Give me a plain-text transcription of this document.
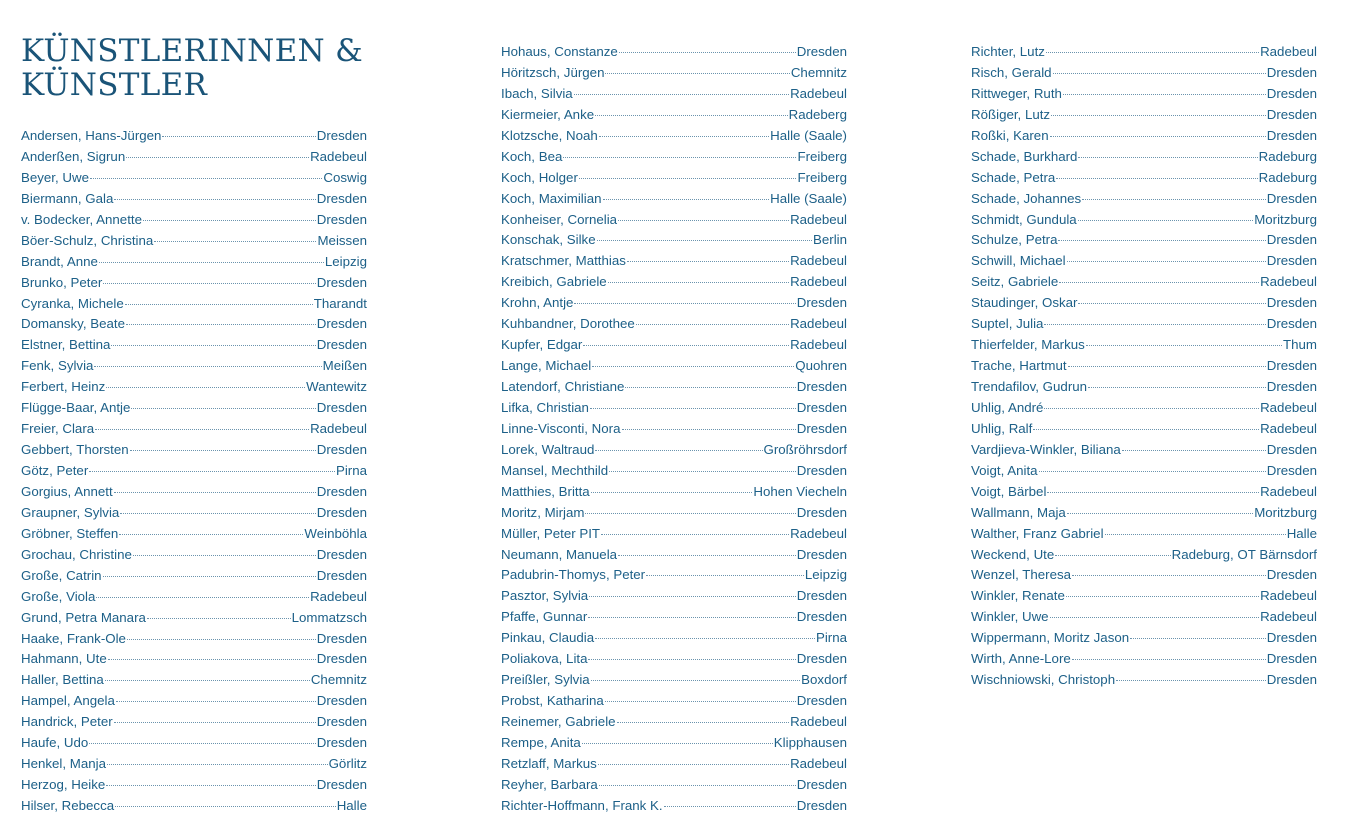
KÜNSTLERINNEN &
KÜNSTLER
Andersen, Hans-Jürgen	Dresden
Anderßen, Sigrun	Radebeul
Beyer, Uwe	Coswig
Biermann, Gala	Dresden
v. Bodecker, Annette	Dresden
Böer-Schulz, Christina	Meissen
Brandt, Anne	Leipzig
Brunko, Peter	Dresden
Cyranka, Michele	Tharandt
Domansky, Beate	Dresden
Elstner, Bettina	Dresden
Fenk, Sylvia	Meißen
Ferbert, Heinz	Wantewitz
Flügge-Baar, Antje	Dresden
Freier, Clara	Radebeul
Gebbert, Thorsten	Dresden
Götz, Peter	Pirna
Gorgius, Annett	Dresden
Graupner, Sylvia	Dresden
Gröbner, Steffen	Weinböhla
Grochau, Christine	Dresden
Große, Catrin	Dresden
Große, Viola	Radebeul
Grund, Petra Manara	Lommatzsch
Haake, Frank-Ole	Dresden
Hahmann, Ute	Dresden
Haller, Bettina	Chemnitz
Hampel, Angela	Dresden
Handrick, Peter	Dresden
Haufe, Udo	Dresden
Henkel, Manja	Görlitz
Herzog, Heike	Dresden
Hilser, Rebecca	Halle
Hohaus, Constanze	Dresden
Höritzsch, Jürgen	Chemnitz
Ibach, Silvia	Radebeul
Kiermeier, Anke	Radeberg
Klotzsche, Noah	Halle (Saale)
Koch, Bea	Freiberg
Koch, Holger	Freiberg
Koch, Maximilian	Halle (Saale)
Konheiser, Cornelia	Radebeul
Konschak, Silke	Berlin
Kratschmer, Matthias	Radebeul
Kreibich, Gabriele	Radebeul
Krohn, Antje	Dresden
Kuhbandner, Dorothee	Radebeul
Kupfer, Edgar	Radebeul
Lange, Michael	Quohren
Latendorf, Christiane	Dresden
Lifka, Christian	Dresden
Linne-Visconti, Nora	Dresden
Lorek, Waltraud	Großröhrsdorf
Mansel, Mechthild	Dresden
Matthies, Britta	Hohen Viecheln
Moritz, Mirjam	Dresden
Müller, Peter PIT	Radebeul
Neumann, Manuela	Dresden
Padubrin-Thomys, Peter	Leipzig
Pasztor, Sylvia	Dresden
Pfaffe, Gunnar	Dresden
Pinkau, Claudia	Pirna
Poliakova, Lita	Dresden
Preißler, Sylvia	Boxdorf
Probst, Katharina	Dresden
Reinemer, Gabriele	Radebeul
Rempe, Anita	Klipphausen
Retzlaff, Markus	Radebeul
Reyher, Barbara	Dresden
Richter-Hoffmann, Frank K.	Dresden
Richter, Lutz	Radebeul
Risch, Gerald	Dresden
Rittweger, Ruth	Dresden
Rößiger, Lutz	Dresden
Roßki, Karen	Dresden
Schade, Burkhard	Radeburg
Schade, Petra	Radeburg
Schade, Johannes	Dresden
Schmidt, Gundula	Moritzburg
Schulze, Petra	Dresden
Schwill, Michael	Dresden
Seitz, Gabriele	Radebeul
Staudinger, Oskar	Dresden
Suptel, Julia	Dresden
Thierfelder, Markus	Thum
Trache, Hartmut	Dresden
Trendafilov, Gudrun	Dresden
Uhlig, André	Radebeul
Uhlig, Ralf	Radebeul
Vardjieva-Winkler, Biliana	Dresden
Voigt, Anita	Dresden
Voigt, Bärbel	Radebeul
Wallmann, Maja	Moritzburg
Walther, Franz Gabriel	Halle
Weckend, Ute	Radeburg, OT Bärnsdorf
Wenzel, Theresa	Dresden
Winkler, Renate	Radebeul
Winkler, Uwe	Radebeul
Wippermann, Moritz Jason	Dresden
Wirth, Anne-Lore	Dresden
Wischniowski, Christoph	Dresden
